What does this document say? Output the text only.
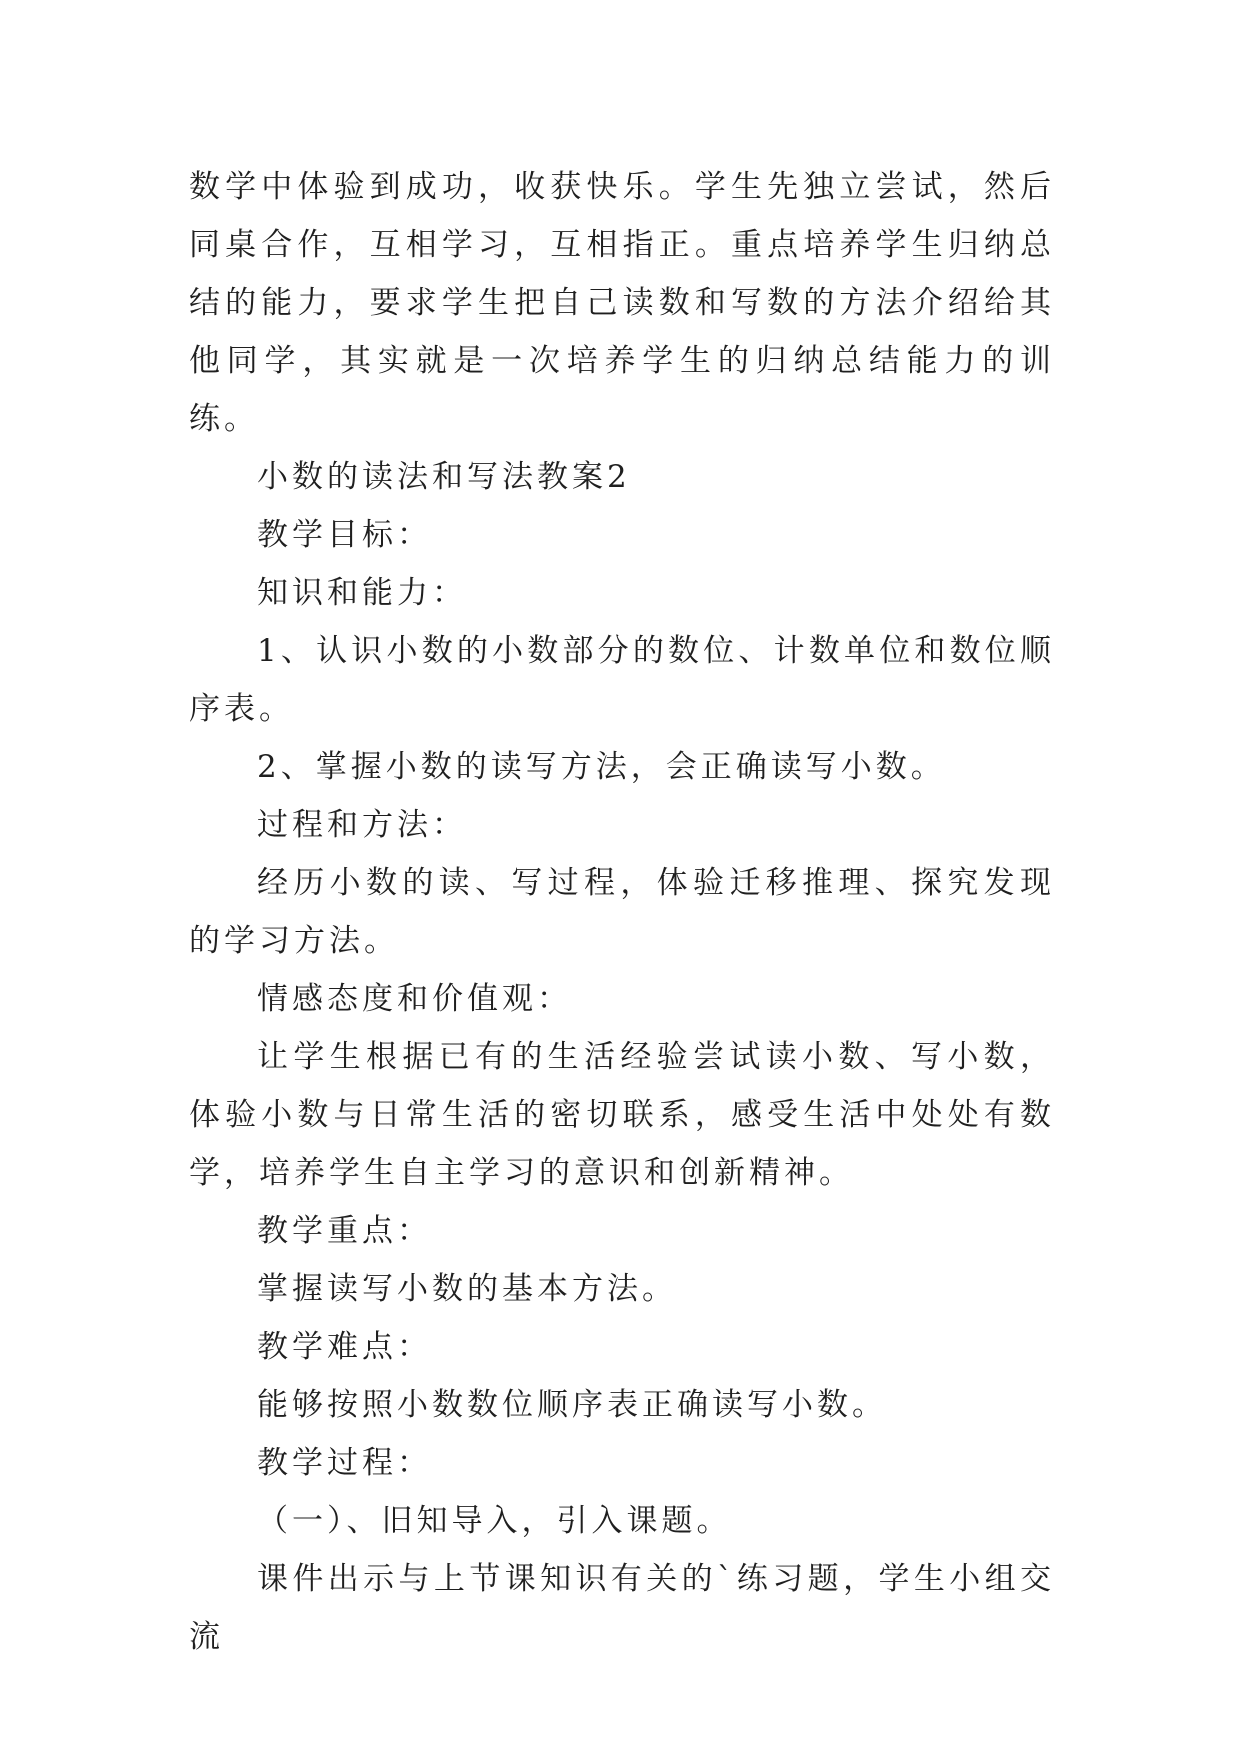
数学中体验到成功，收获快乐。学生先独立尝试，然后同桌合作，互相学习，互相指正。重点培养学生归纳总结的能力，要求学生把自己读数和写数的方法介绍给其他同学，其实就是一次培养学生的归纳总结能力的训练。

小数的读法和写法教案2

教学目标：

知识和能力：

1、认识小数的小数部分的数位、计数单位和数位顺序表。

2、掌握小数的读写方法，会正确读写小数。

过程和方法：

经历小数的读、写过程，体验迁移推理、探究发现的学习方法。

情感态度和价值观：

让学生根据已有的生活经验尝试读小数、写小数，体验小数与日常生活的密切联系，感受生活中处处有数学，培养学生自主学习的意识和创新精神。

教学重点：

掌握读写小数的基本方法。

教学难点：

能够按照小数数位顺序表正确读写小数。

教学过程：

（一）、旧知导入，引入课题。

课件出示与上节课知识有关的`练习题，学生小组交流
